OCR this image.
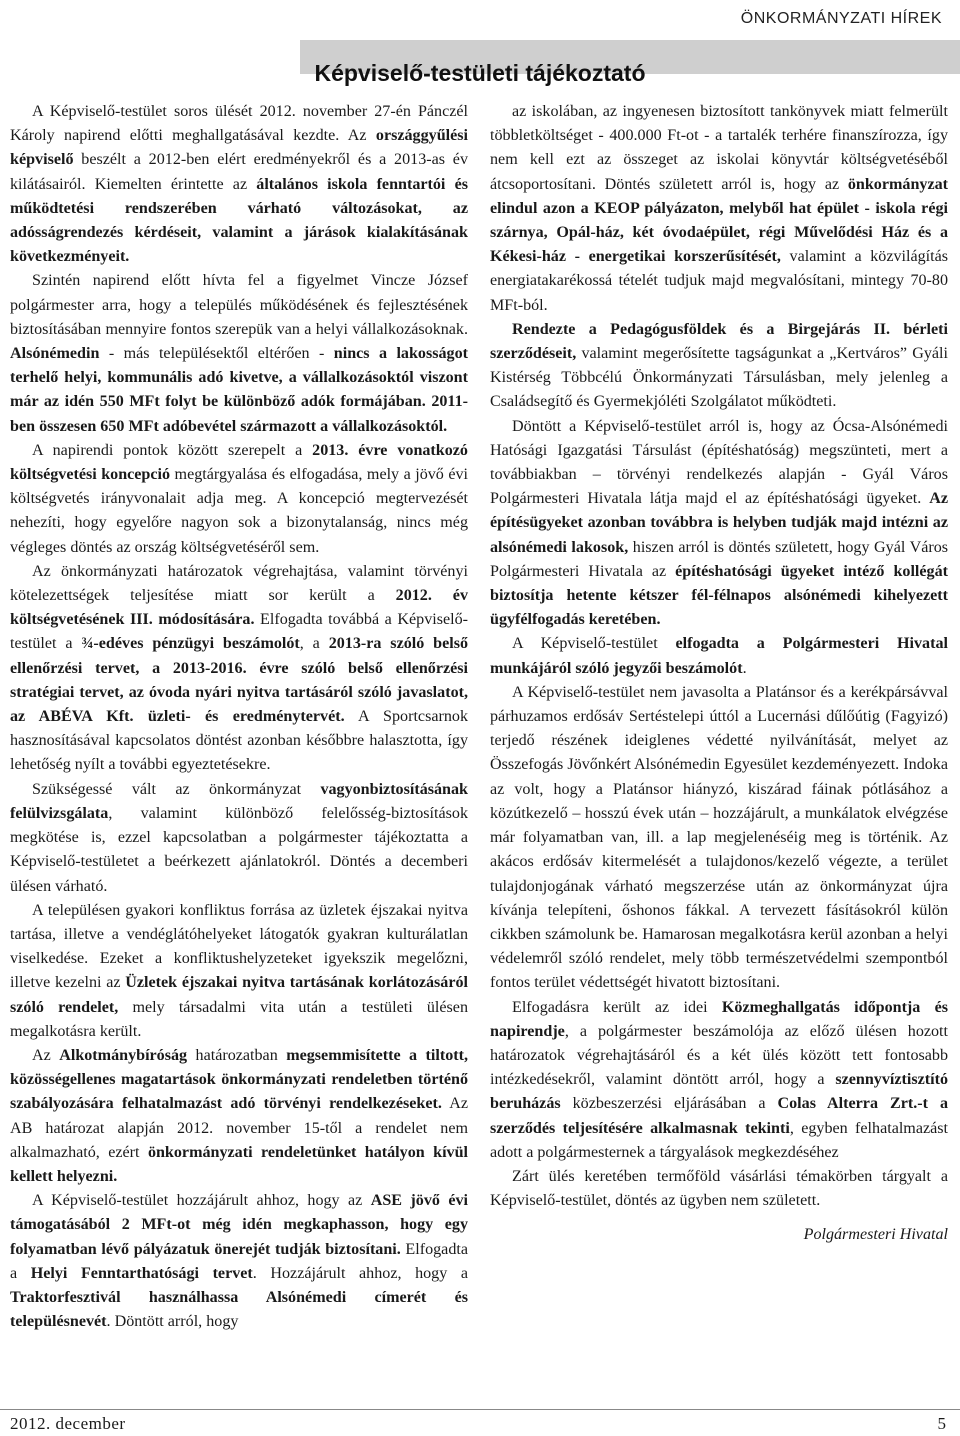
ÖNKORMÁNYZATI HÍREK
Képviselő-testületi tájékoztató

A Képviselő-testület soros ülését 2012. november 27-én Pánczél Károly napirend előtti meghallgatásával kezdte. Az országgyűlési képviselő beszélt a 2012-ben elért eredményekről és a 2013-as év kilátásairól. Kiemelten érintette az általános iskola fenntartói és működtetési rendszerében várható változásokat, az adósságrendezés kérdéseit, valamint a járások kialakításának következményeit.

Szintén napirend előtt hívta fel a figyelmet Vincze József polgármester arra, hogy a település működésének és fejlesztésének biztosításában mennyire fontos szerepük van a helyi vállalkozásoknak. Alsónémedin - más településektől eltérően - nincs a lakosságot terhelő helyi, kommunális adó kivetve, a vállalkozásoktól viszont már az idén 550 MFt folyt be különböző adók formájában. 2011-ben összesen 650 MFt adóbevétel származott a vállalkozásoktól.

A napirendi pontok között szerepelt a 2013. évre vonatkozó költségvetési koncepció megtárgyalása és elfogadása, mely a jövő évi költségvetés irányvonalait adja meg. A koncepció megtervezését nehezíti, hogy egyelőre nagyon sok a bizonytalanság, nincs még végleges döntés az ország költségvetéséről sem.

Az önkormányzati határozatok végrehajtása, valamint törvényi kötelezettségek teljesítése miatt sor került a 2012. év költségvetésének III. módosítására. Elfogadta továbbá a Képviselő-testület a ¾-edéves pénzügyi beszámolót, a 2013-ra szóló belső ellenőrzési tervet, a 2013-2016. évre szóló belső ellenőrzési stratégiai tervet, az óvoda nyári nyitva tartásáról szóló javaslatot, az ABÉVA Kft. üzleti- és eredménytervét. A Sportcsarnok hasznosításával kapcsolatos döntést azonban későbbre halasztotta, így lehetőség nyílt a további egyeztetésekre.

Szükségessé vált az önkormányzat vagyonbiztosításának felülvizsgálata, valamint különböző felelősség-biztosítások megkötése is, ezzel kapcsolatban a polgármester tájékoztatta a Képviselő-testületet a beérkezett ajánlatokról. Döntés a decemberi ülésen várható.

A településen gyakori konfliktus forrása az üzletek éjszakai nyitva tartása, illetve a vendéglátóhelyeket látogatók gyakran kulturálatlan viselkedése. Ezeket a konfliktushelyzeteket igyekszik megelőzni, illetve kezelni az Üzletek éjszakai nyitva tartásának korlátozásáról szóló rendelet, mely társadalmi vita után a testületi ülésen megalkotásra került.

Az Alkotmánybíróság határozatban megsemmisítette a tiltott, közösségellenes magatartások önkormányzati rendeletben történő szabályozására felhatalmazást adó törvényi rendelkezéseket. Az AB határozat alapján 2012. november 15-től a rendelet nem alkalmazható, ezért önkormányzati rendeletünket hatályon kívül kellett helyezni.

A Képviselő-testület hozzájárult ahhoz, hogy az ASE jövő évi támogatásából 2 MFt-ot még idén megkaphasson, hogy egy folyamatban lévő pályázatuk önerejét tudják biztosítani. Elfogadta a Helyi Fenntarthatósági tervet. Hozzájárult ahhoz, hogy a Traktorfesztivál használhassa Alsónémedi címerét és településnevét. Döntött arról, hogy

az iskolában, az ingyenesen biztosított tankönyvek miatt felmerült többletköltséget - 400.000 Ft-ot - a tartalék terhére finanszírozza, így nem kell ezt az összeget az iskolai könyvtár költségvetéséből átcsoportosítani. Döntés született arról is, hogy az önkormányzat elindul azon a KEOP pályázaton, melyből hat épület - iskola régi szárnya, Opál-ház, két óvodaépület, régi Művelődési Ház és a Kékesi-ház - energetikai korszerűsítését, valamint a közvilágítás energiatakarékossá tételét tudjuk majd megvalósítani, mintegy 70-80 MFt-ból.

Rendezte a Pedagógusföldek és a Birgejárás II. bérleti szerződéseit, valamint megerősítette tagságunkat a „Kertváros” Gyáli Kistérség Többcélú Önkormányzati Társulásban, mely jelenleg a Családsegítő és Gyermekjóléti Szolgálatot működteti.

Döntött a Képviselő-testület arról is, hogy az Ócsa-Alsónémedi Hatósági Igazgatási Társulást (építéshatóság) megszünteti, mert a továbbiakban – törvényi rendelkezés alapján - Gyál Város Polgármesteri Hivatala látja majd el az építéshatósági ügyeket. Az építésügyeket azonban továbbra is helyben tudják majd intézni az alsónémedi lakosok, hiszen arról is döntés született, hogy Gyál Város Polgármesteri Hivatala az építéshatósági ügyeket intéző kollégát biztosítja hetente kétszer fél-félnapos alsónémedi kihelyezett ügyfélfogadás keretében.

A Képviselő-testület elfogadta a Polgármesteri Hivatal munkájáról szóló jegyzői beszámolót.

A Képviselő-testület nem javasolta a Platánsor és a kerékpársávval párhuzamos erdősáv Sertéstelepi úttól a Lucernási dűlőútig (Fagyizó) terjedő részének ideiglenes védetté nyilvánítását, melyet az Összefogás Jövőnkért Alsónémedin Egyesület kezdeményezett. Indoka az volt, hogy a Platánsor hiányzó, kiszárad fáinak pótlásához a közútkezelő – hosszú évek után – hozzájárult, a munkálatok elvégzése már folyamatban van, ill. a lap megjelenéséig meg is történik. Az akácos erdősáv kitermelését a tulajdonos/kezelő végezte, a terület tulajdonjogának várható megszerzése után az önkormányzat újra kívánja telepíteni, őshonos fákkal. A tervezett fásításokról külön cikkben számolunk be. Hamarosan megalkotásra kerül azonban a helyi védelemről szóló rendelet, mely több természetvédelmi szempontból fontos terület védettségét hivatott biztosítani.

Elfogadásra került az idei Közmeghallgatás időpontja és napirendje, a polgármester beszámolója az előző ülésen hozott határozatok végrehajtásáról és a két ülés között tett fontosabb intézkedésekről, valamint döntött arról, hogy a szennyvíztisztító beruházás közbeszerzési eljárásában a Colas Alterra Zrt.-t a szerződés teljesítésére alkalmasnak tekinti, egyben felhatalmazást adott a polgármesternek a tárgyalások megkezdéséhez

Zárt ülés keretében termőföld vásárlási témakörben tárgyalt a Képviselő-testület, döntés az ügyben nem született.

Polgármesteri Hivatal

2012. december	5
